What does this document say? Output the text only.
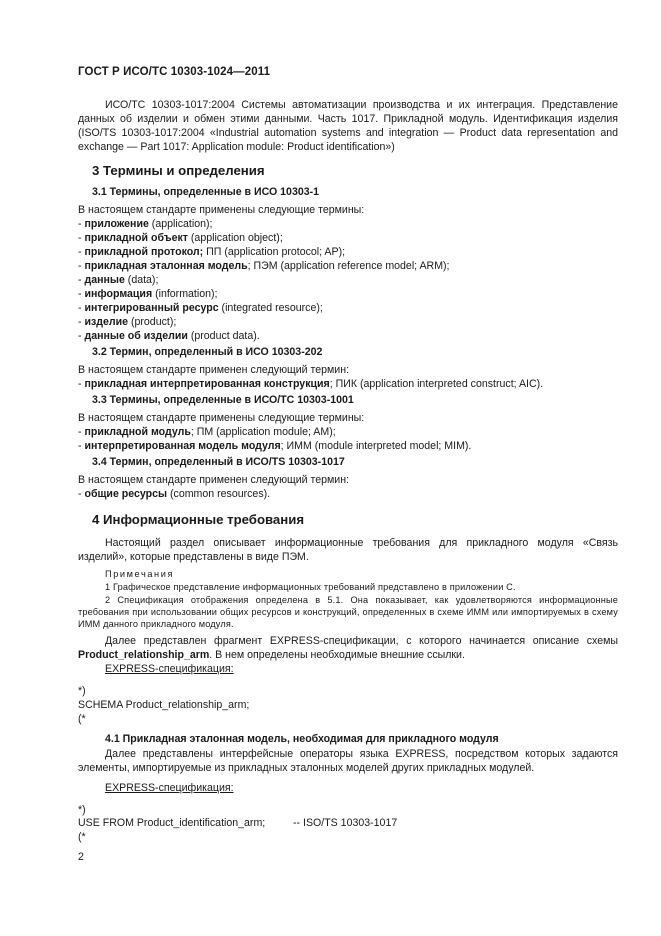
ГОСТ Р ИСО/ТС 10303-1024—2011

ИСО/ТС 10303-1017:2004 Системы автоматизации производства и их интеграция. Представление данных об изделии и обмен этими данными. Часть 1017. Прикладной модуль. Идентификация изделия (ISO/TS 10303-1017:2004 «Industrial automation systems and integration — Product data representation and exchange — Part 1017: Application module: Product identification»)

3 Термины и определения
3.1 Термины, определенные в ИСО 10303-1
В настоящем стандарте применены следующие термины:
- приложение (application);
- прикладной объект (application object);
- прикладной протокол; ПП (application protocol; AP);
- прикладная эталонная модель; ПЭМ (application reference model; ARM);
- данные (data);
- информация (information);
- интегрированный ресурс (integrated resource);
- изделие (product);
- данные об изделии (product data).
3.2 Термин, определенный в ИСО 10303-202
В настоящем стандарте применен следующий термин:
- прикладная интерпретированная конструкция; ПИК (application interpreted construct; AIC).
3.3 Термины, определенные в ИСО/ТС 10303-1001
В настоящем стандарте применены следующие термины:
- прикладной модуль; ПМ (application module; AM);
- интерпретированная модель модуля; ИММ (module interpreted model; MIM).
3.4 Термин, определенный в ИСО/TS 10303-1017
В настоящем стандарте применен следующий термин:
- общие ресурсы (common resources).
4 Информационные требования

Настоящий раздел описывает информационные требования для прикладного модуля «Связь изделий», которые представлены в виде ПЭМ.

Примечания

1 Графическое представление информационных требований представлено в приложении С.

2 Спецификация отображения определена в 5.1. Она показывает, как удовлетворяются информационные требования при использовании общих ресурсов и конструкций, определенных в схеме ИММ или импортируемых в схему ИММ данного прикладного модуля.

Далее представлен фрагмент EXPRESS-спецификации, с которого начинается описание схемы Product_relationship_arm. В нем определены необходимые внешние ссылки.

EXPRESS-спецификация:
*)
SCHEMA Product_relationship_arm;
(*
4.1 Прикладная эталонная модель, необходимая для прикладного модуля

Далее представлены интерфейсные операторы языка EXPRESS, посредством которых задаются элементы, импортируемые из прикладных эталонных моделей других прикладных модулей.

EXPRESS-спецификация:
*)
USE FROM Product_identification_arm;	-- ISO/TS 10303-1017
(*
2
